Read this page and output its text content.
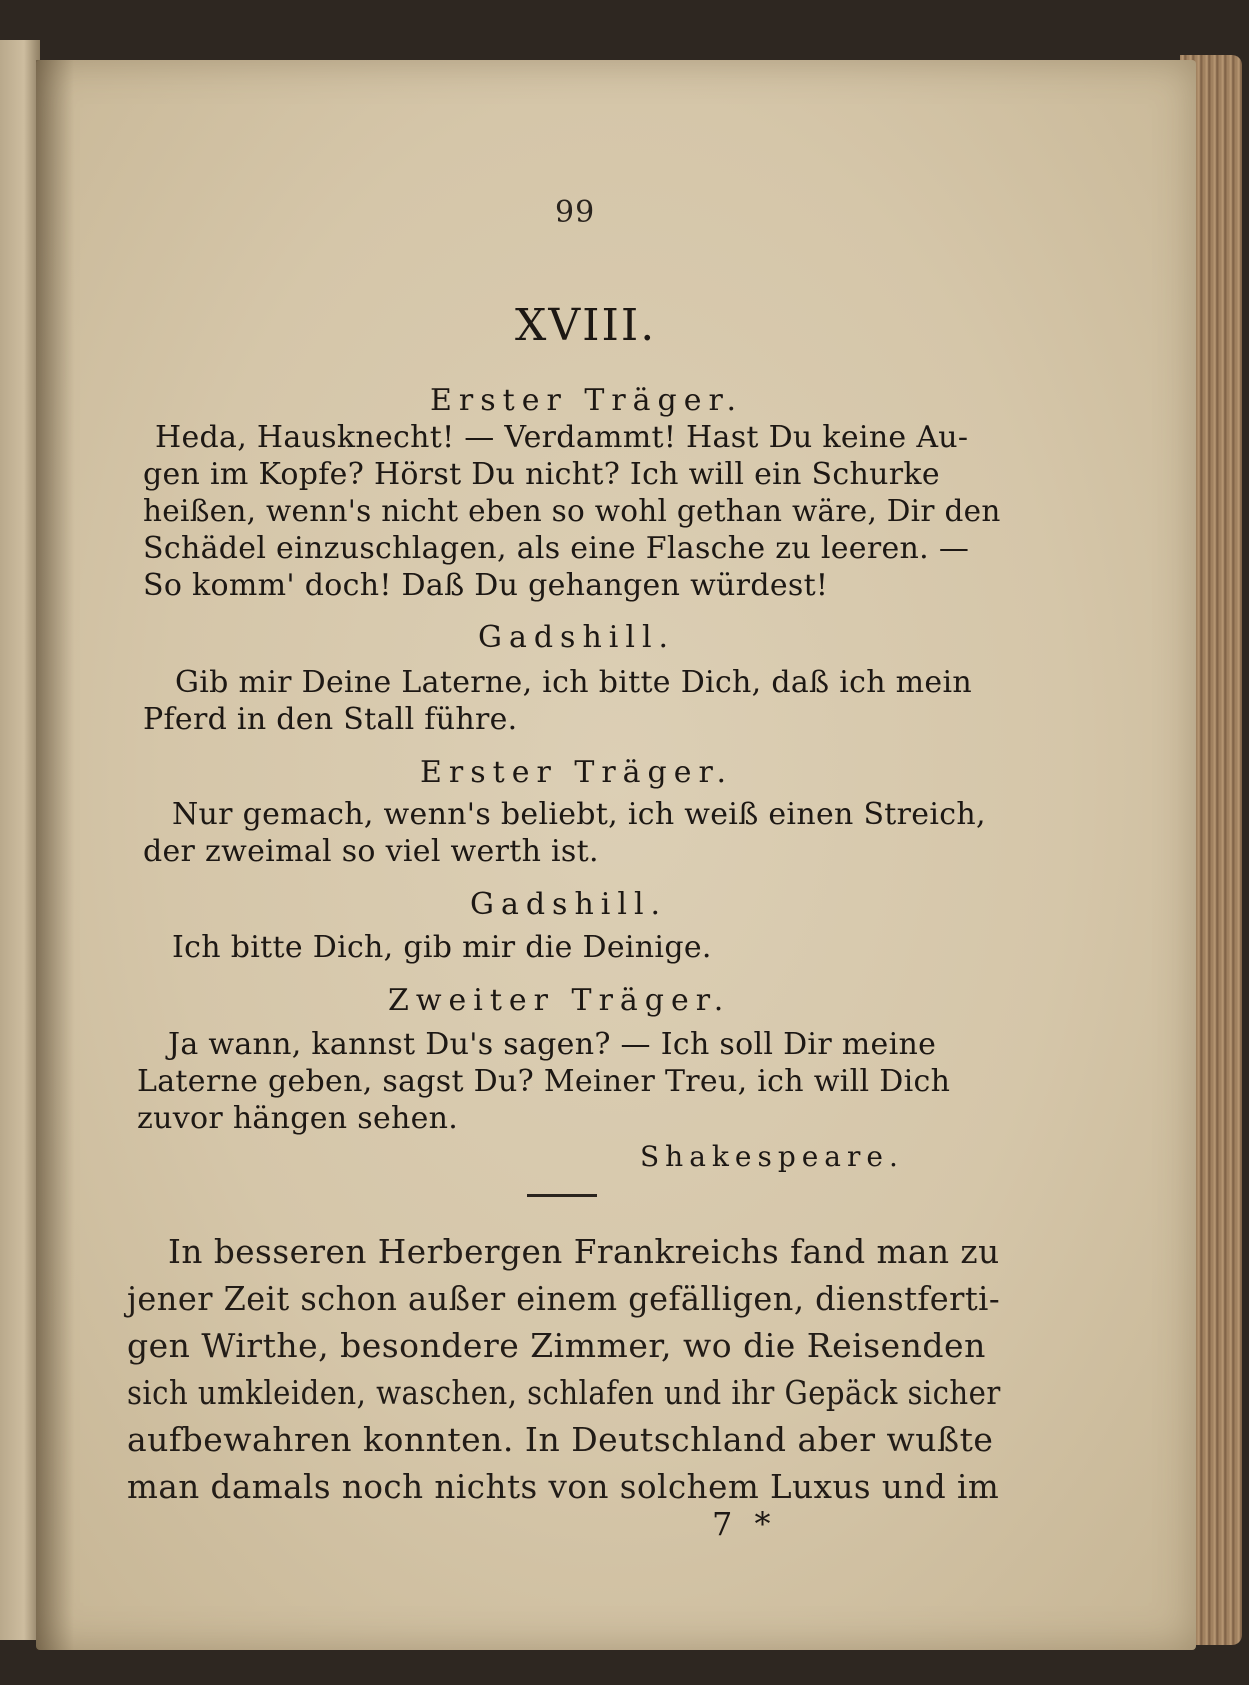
99
XVIII.
Erster Träger.
Heda, Hausknecht! — Verdammt! Hast Du keine Au-
gen im Kopfe? Hörst Du nicht? Ich will ein Schurke
heißen, wenn's nicht eben so wohl gethan wäre, Dir den
Schädel einzuschlagen, als eine Flasche zu leeren. —
So komm' doch! Daß Du gehangen würdest!
Gadshill.
Gib mir Deine Laterne, ich bitte Dich, daß ich mein
Pferd in den Stall führe.
Erster Träger.
Nur gemach, wenn's beliebt, ich weiß einen Streich,
der zweimal so viel werth ist.
Gadshill.
Ich bitte Dich, gib mir die Deinige.
Zweiter Träger.
Ja wann, kannst Du's sagen? — Ich soll Dir meine
Laterne geben, sagst Du? Meiner Treu, ich will Dich
zuvor hängen sehen.
Shakespeare.
In besseren Herbergen Frankreichs fand man zu
jener Zeit schon außer einem gefälligen, dienstferti-
gen Wirthe, besondere Zimmer, wo die Reisenden
sich umkleiden, waschen, schlafen und ihr Gepäck sicher
aufbewahren konnten. In Deutschland aber wußte
man damals noch nichts von solchem Luxus und im
7 *
